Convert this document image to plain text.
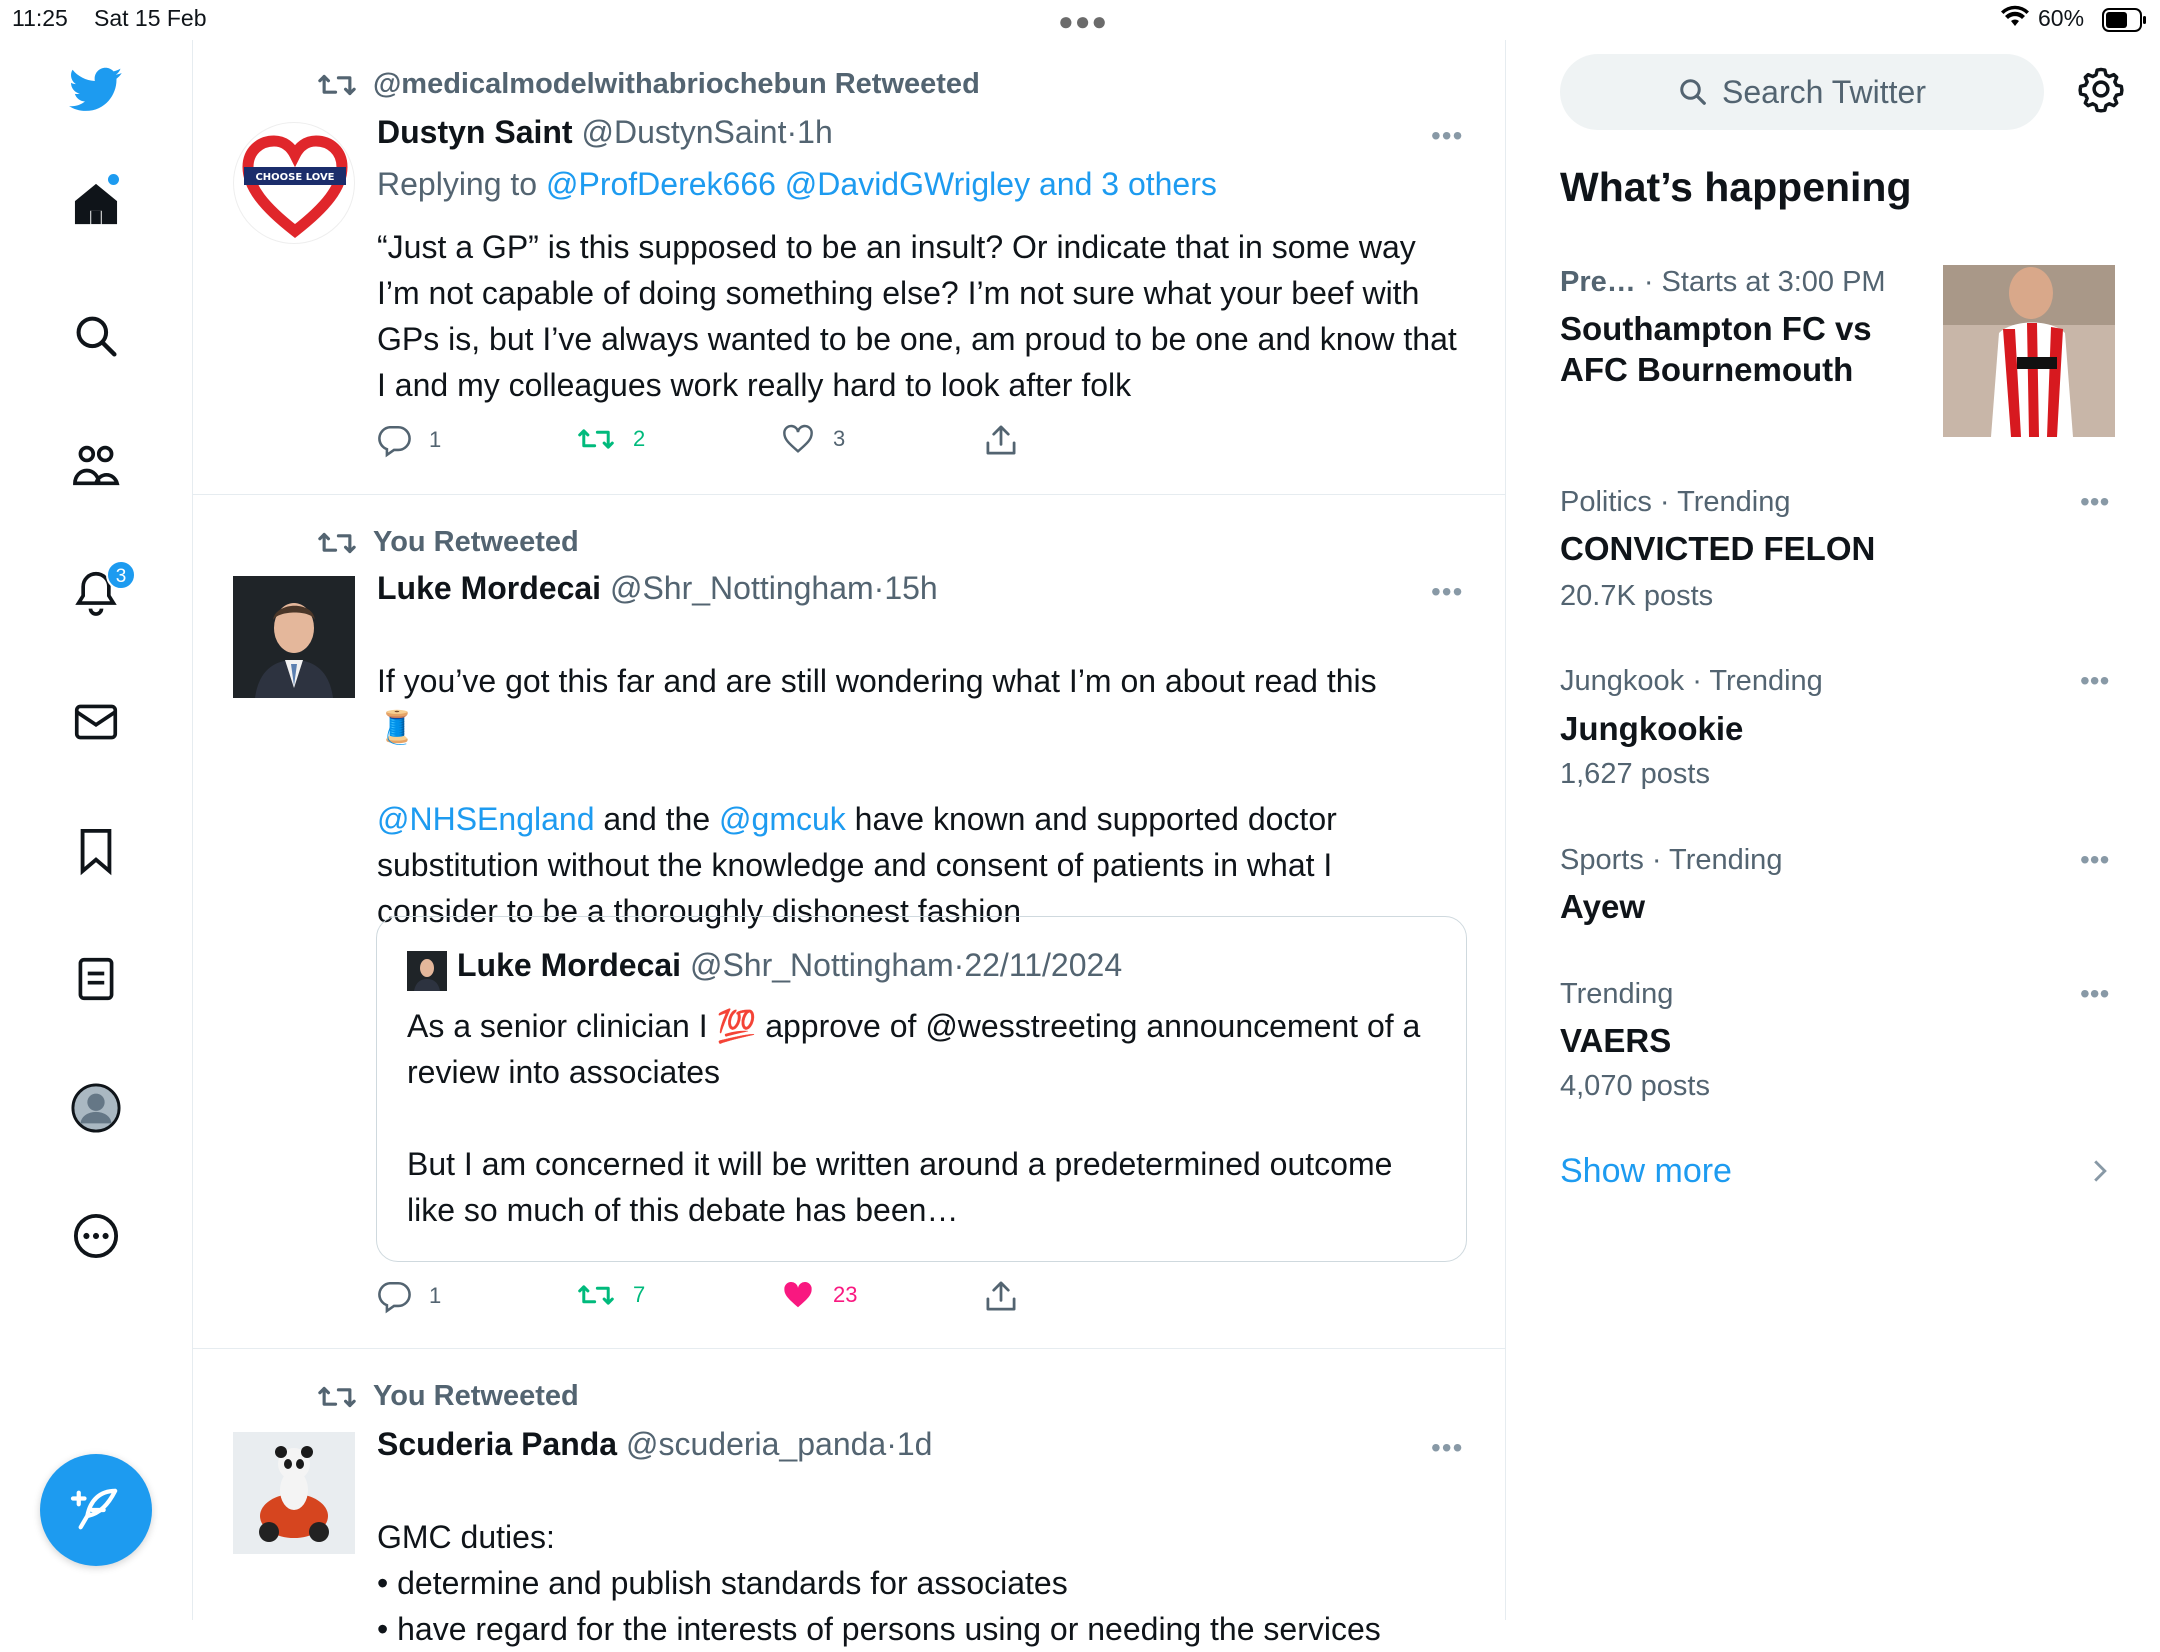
11:25 Sat 15 Feb	●●●	60%
3
@medicalmodelwithabriochebun Retweeted
CHOOSE LOVE
Dustyn Saint @DustynSaint·1h	•••
Replying to @ProfDerek666 @DavidGWrigley and 3 others
“Just a GP” is this supposed to be an insult? Or indicate that in some way I’m not capable of doing something else? I’m not sure what your beef with GPs is, but I’ve always wanted to be one, am proud to be one and know that I and my colleagues work really hard to look after folk
1	2	3
You Retweeted
Luke Mordecai @Shr_Nottingham·15h	•••
If you’ve got this far and are still wondering what I’m on about read this
🧵
@NHSEngland and the @gmcuk have known and supported doctor substitution without the knowledge and consent of patients in what I consider to be a thoroughly dishonest fashion
Luke Mordecai @Shr_Nottingham·22/11/2024
As a senior clinician I 💯 approve of @wesstreeting announcement of a review into associates
But I am concerned it will be written around a predetermined outcome like so much of this debate has been…
1	7	23
You Retweeted
Scuderia Panda @scuderia_panda·1d	•••
GMC duties:
• determine and publish standards for associates
• have regard for the interests of persons using or needing the services
Search Twitter
What’s happening
Pre… · Starts at 3:00 PM
Southampton FC vs AFC Bournemouth
Politics · Trending	•••
CONVICTED FELON
20.7K posts
Jungkook · Trending	•••
Jungkookie
1,627 posts
Sports · Trending	•••
Ayew
Trending	•••
VAERS
4,070 posts
Show more
